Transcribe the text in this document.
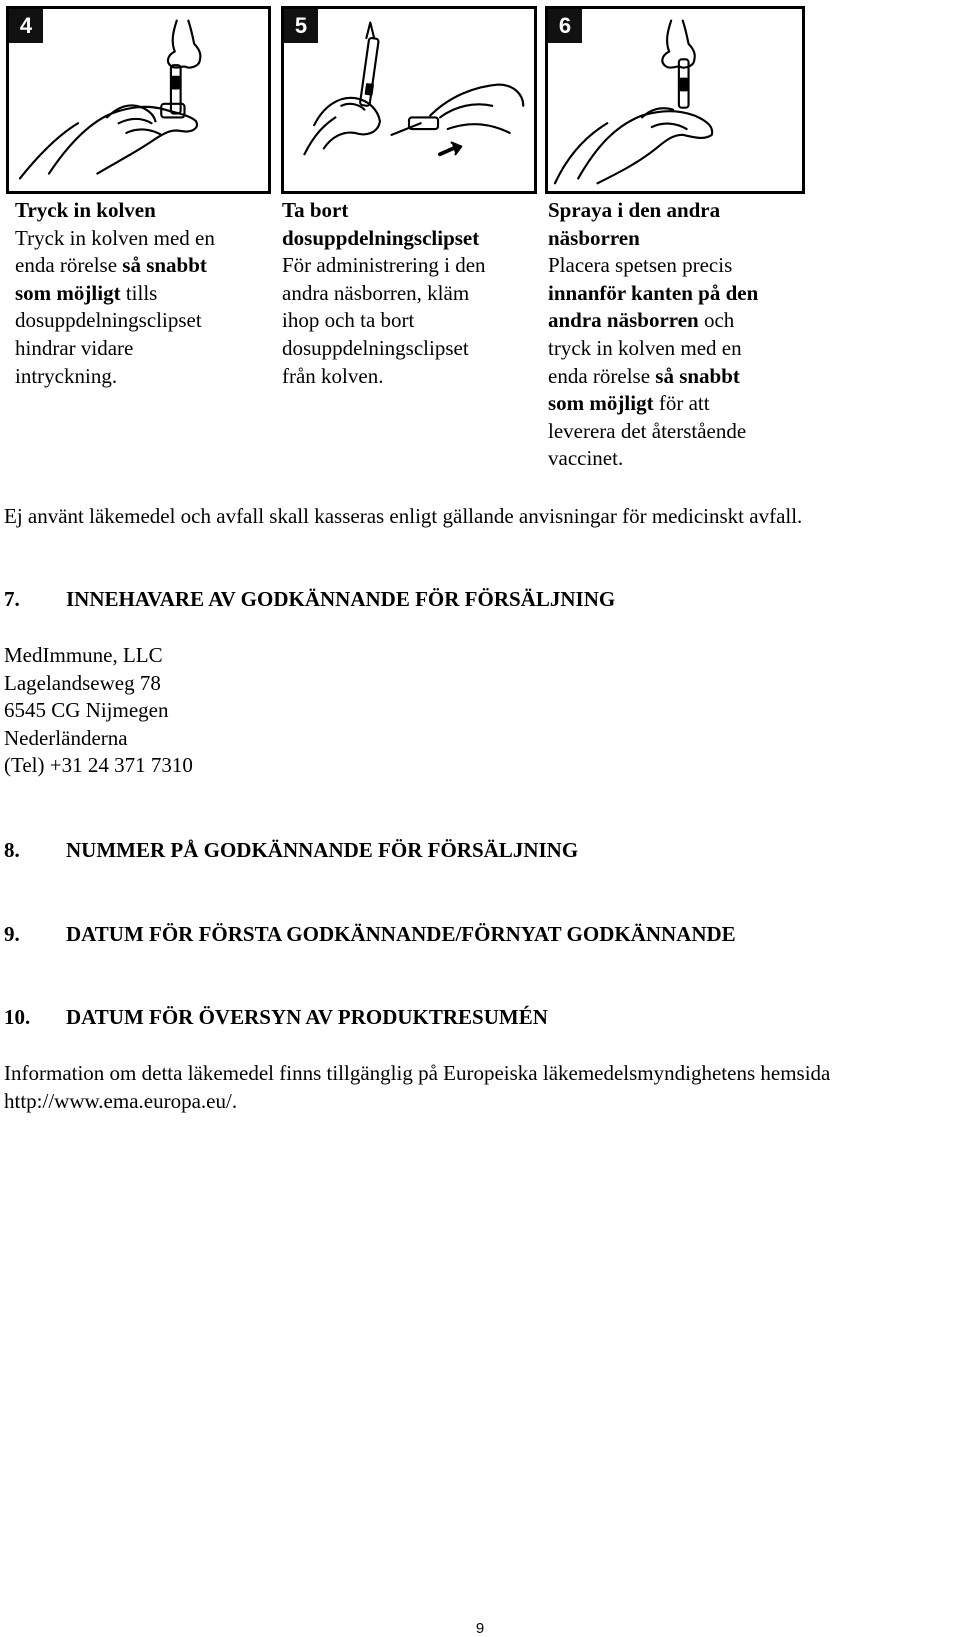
4	5	6
Tryck in kolven
Tryck in kolven med en
enda rörelse så snabbt
som möjligt tills
dosuppdelningsclipset
hindrar vidare
intryckning.
Ta bort
dosuppdelningsclipset
För administrering i den
andra näsborren, kläm
ihop och ta bort
dosuppdelningsclipset
från kolven.
Spraya i den andra
näsborren
Placera spetsen precis
innanför kanten på den
andra näsborren och
tryck in kolven med en
enda rörelse så snabbt
som möjligt för att
leverera det återstående
vaccinet.
Ej använt läkemedel och avfall skall kasseras enligt gällande anvisningar för medicinskt avfall.
7. INNEHAVARE AV GODKÄNNANDE FÖR FÖRSÄLJNING
MedImmune, LLC
Lagelandseweg 78
6545 CG Nijmegen
Nederländerna
(Tel) +31 24 371 7310
8. NUMMER PÅ GODKÄNNANDE FÖR FÖRSÄLJNING
9. DATUM FÖR FÖRSTA GODKÄNNANDE/FÖRNYAT GODKÄNNANDE
10. DATUM FÖR ÖVERSYN AV PRODUKTRESUMÉN
Information om detta läkemedel finns tillgänglig på Europeiska läkemedelsmyndighetens hemsida
http://www.ema.europa.eu/.
9
